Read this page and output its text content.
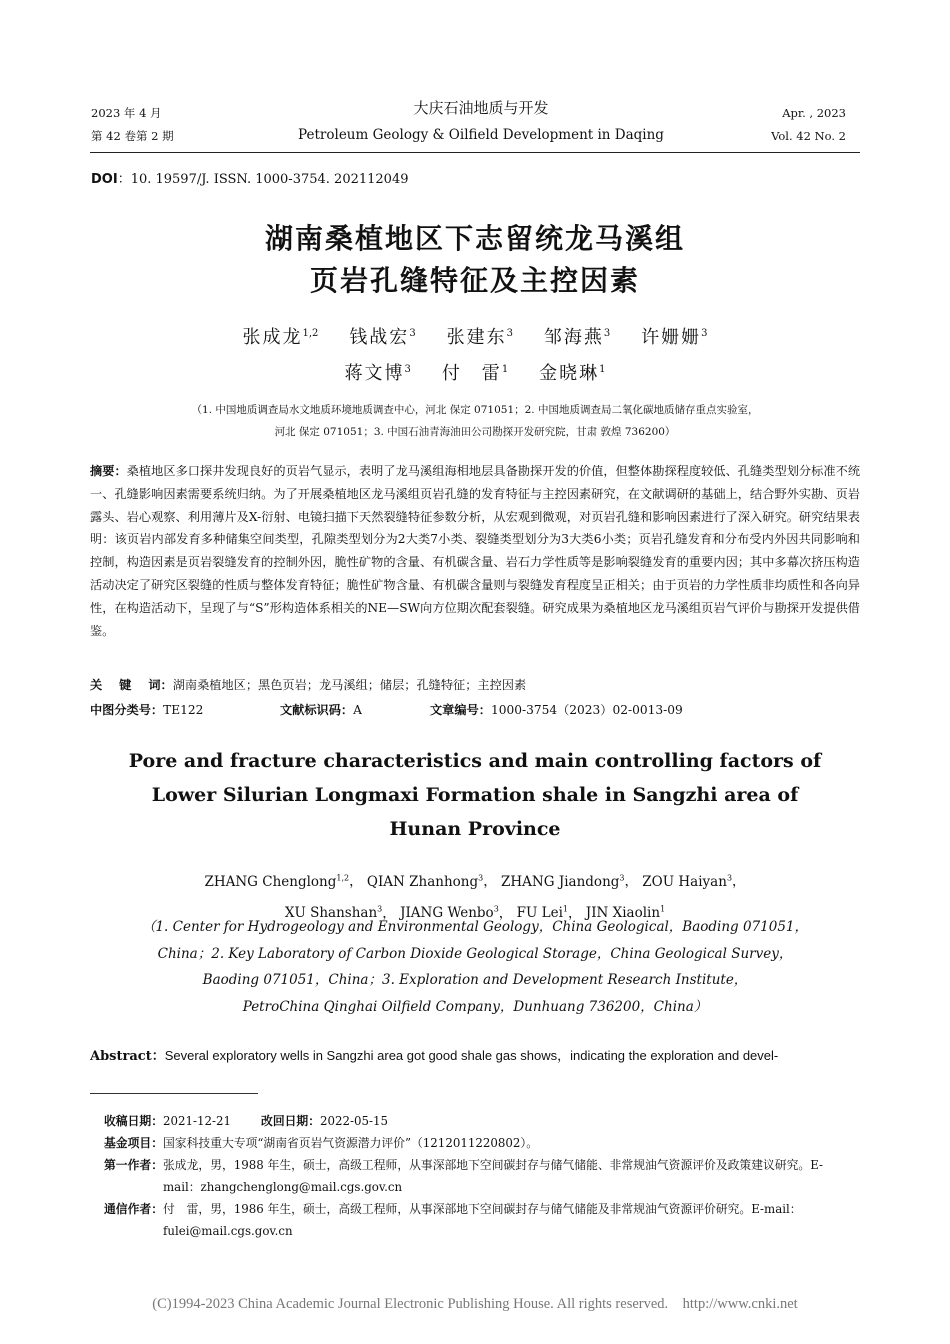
2023 年 4 月
第 42 卷第 2 期
大庆石油地质与开发
Petroleum Geology & Oilfield Development in Daqing
Apr. , 2023
Vol. 42 No. 2
DOI：10. 19597/J. ISSN. 1000-3754. 202112049
湖南桑植地区下志留统龙马溪组
页岩孔缝特征及主控因素
张成龙$^{1,2}$ 钱战宏$^3$ 张建东$^3$ 邹海燕$^3$ 许姗姗$^3$
蒋文博$^3$ 付　雷$^1$ 金晓琳$^1$
（1. 中国地质调查局水文地质环境地质调查中心，河北 保定 071051；2. 中国地质调查局二氧化碳地质储存重点实验室，
河北 保定 071051；3. 中国石油青海油田公司勘探开发研究院，甘肃 敦煌 736200）
摘要：桑植地区多口探井发现良好的页岩气显示，表明了龙马溪组海相地层具备勘探开发的价值，但整体勘探程度较低、孔缝类型划分标准不统一、孔缝影响因素需要系统归纳。为了开展桑植地区龙马溪组页岩孔缝的发育特征与主控因素研究，在文献调研的基础上，结合野外实勘、页岩露头、岩心观察、利用薄片及X-衍射、电镜扫描下天然裂缝特征参数分析，从宏观到微观，对页岩孔缝和影响因素进行了深入研究。研究结果表明：该页岩内部发育多种储集空间类型，孔隙类型划分为2大类7小类、裂缝类型划分为3大类6小类；页岩孔缝发育和分布受内外因共同影响和控制，构造因素是页岩裂缝发育的控制外因，脆性矿物的含量、有机碳含量、岩石力学性质等是影响裂缝发育的重要内因；其中多幕次挤压构造活动决定了研究区裂缝的性质与整体发育特征；脆性矿物含量、有机碳含量则与裂缝发育程度呈正相关；由于页岩的力学性质非均质性和各向异性，在构造活动下，呈现了与“S”形构造体系相关的NE—SW向方位期次配套裂缝。研究成果为桑植地区龙马溪组页岩气评价与勘探开发提供借鉴。
关    键    词：湖南桑植地区；黑色页岩；龙马溪组；储层；孔缝特征；主控因素
中图分类号：TE122	文献标识码：A	文章编号：1000-3754（2023）02-0013-09
Pore and fracture characteristics and main controlling factors of
Lower Silurian Longmaxi Formation shale in Sangzhi area of
Hunan Province
ZHANG Chenglong$^{1,2}$， QIAN Zhanhong$^3$， ZHANG Jiandong$^3$， ZOU Haiyan$^3$，
XU Shanshan$^3$， JIANG Wenbo$^3$， FU Lei$^1$， JIN Xiaolin$^1$
（1. Center for Hydrogeology and Environmental Geology，China Geological，Baoding 071051，
China；2. Key Laboratory of Carbon Dioxide Geological Storage，China Geological Survey，
Baoding 071051，China；3. Exploration and Development Research Institute，
PetroChina Qinghai Oilfield Company，Dunhuang 736200，China）
Abstract：Several exploratory wells in Sangzhi area got good shale gas shows，indicating the exploration and devel-
收稿日期： 2021-12-21	改回日期：2022-05-15
基金项目： 国家科技重大专项“湖南省页岩气资源潜力评价”（1212011220802）。
第一作者： 张成龙，男，1988 年生，硕士，高级工程师，从事深部地下空间碳封存与储气储能、非常规油气资源评价及政策建议研究。E-mail：zhangchenglong@mail.cgs.gov.cn
通信作者： 付　雷，男，1986 年生，硕士，高级工程师，从事深部地下空间碳封存与储气储能及非常规油气资源评价研究。E-mail：fulei@mail.cgs.gov.cn
(C)1994-2023 China Academic Journal Electronic Publishing House. All rights reserved.    http://www.cnki.net
